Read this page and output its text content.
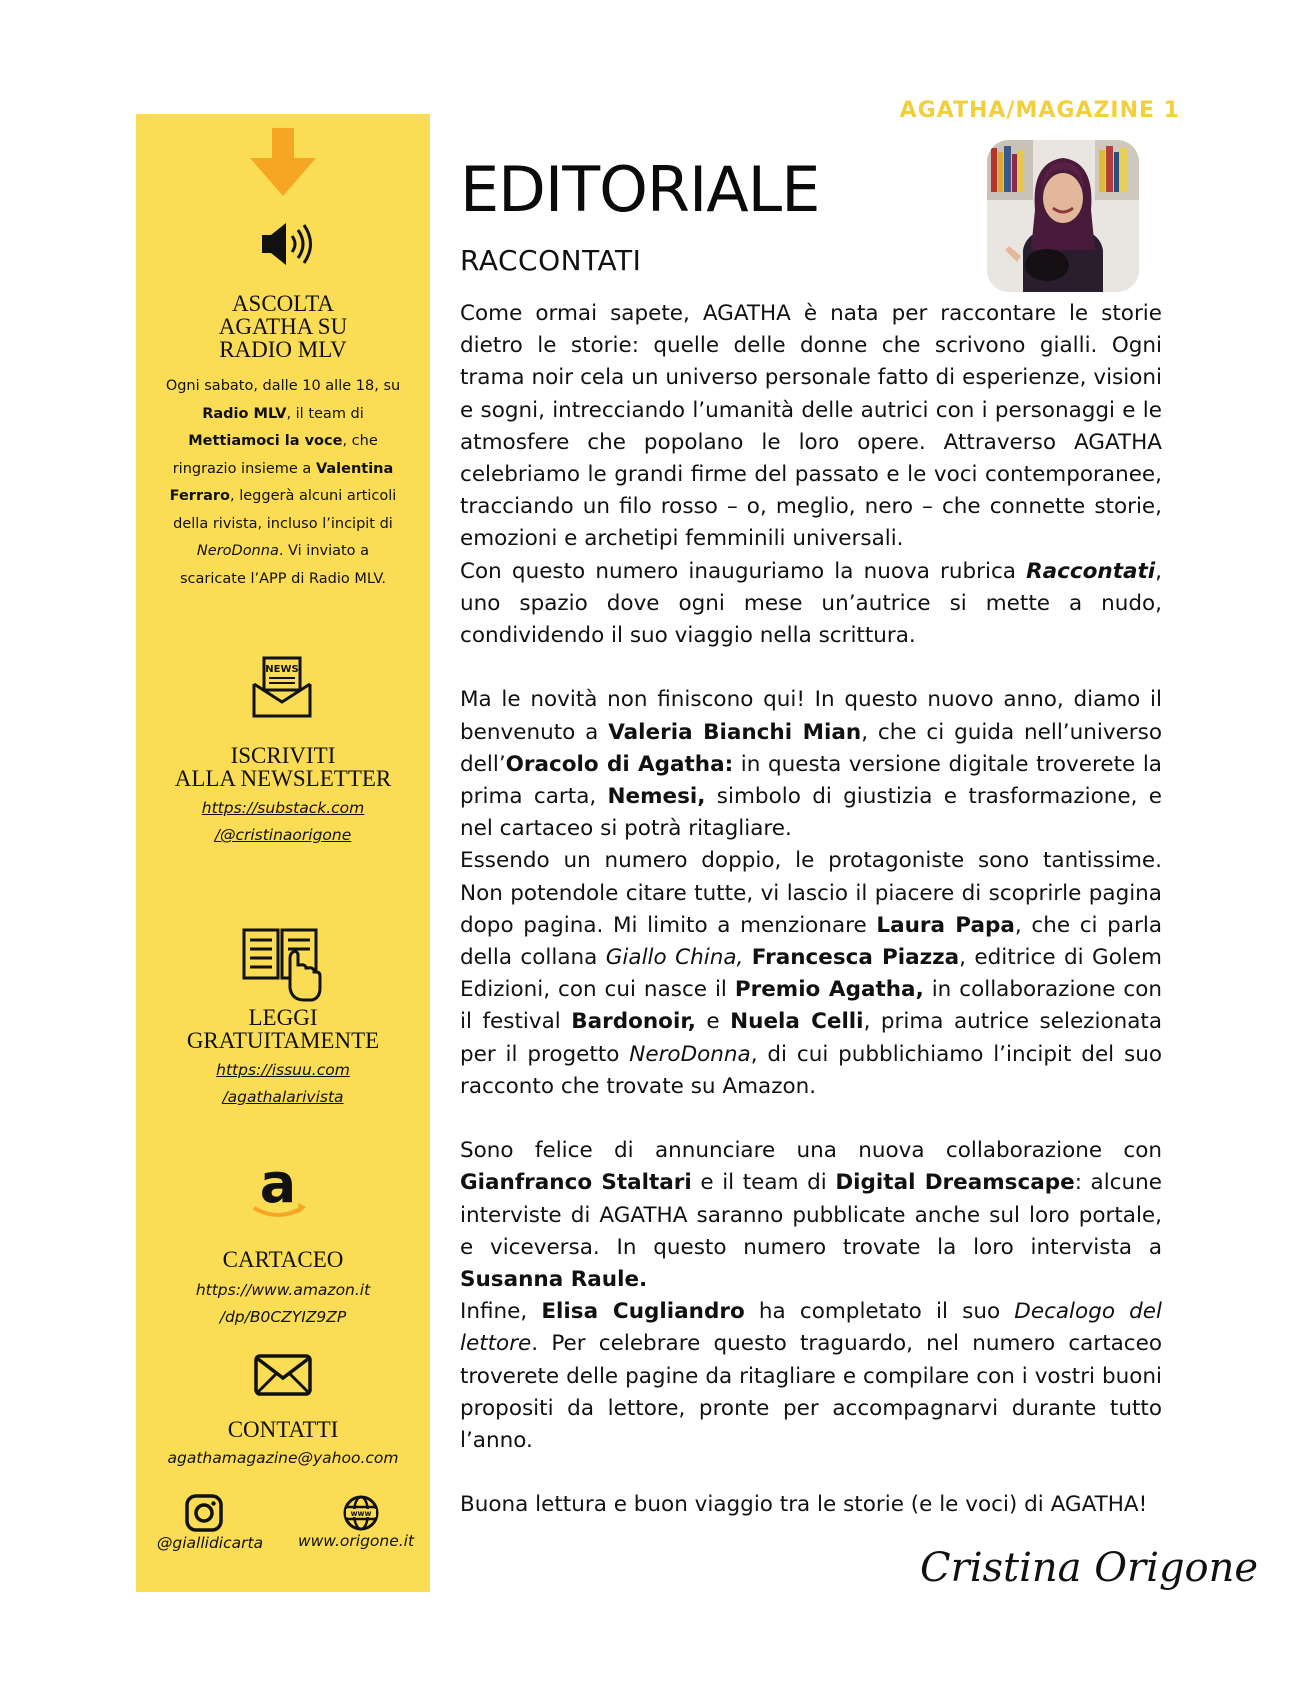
AGATHA/MAGAZINE 1
ASCOLTA
AGATHA SU
RADIO MLV
Ogni sabato, dalle 10 alle 18, su
Radio MLV, il team di
Mettiamoci la voce, che
ringrazio insieme a Valentina
Ferraro, leggerà alcuni articoli
della rivista, incluso l’incipit di
NeroDonna. Vi inviato a
scaricate l’APP di Radio MLV.
NEWS
ISCRIVITI
ALLA NEWSLETTER
https://substack.com
/@cristinaorigone
LEGGI
GRATUITAMENTE
https://issuu.com
/agathalarivista
a
CARTACEO
https://www.amazon.it
/dp/B0CZYIZ9ZP
CONTATTI
agathamagazine@yahoo.com
@giallidicarta
www
www.origone.it
EDITORIALE
RACCONTATI

Come ormai sapete, AGATHA è nata per raccontare le storie dietro le storie: quelle delle donne che scrivono gialli. Ogni trama noir cela un universo personale fatto di esperienze, visioni e sogni, intrecciando l’umanità delle autrici con i personaggi e le atmosfere che popolano le loro opere. Attraverso AGATHA celebriamo le grandi firme del passato e le voci contemporanee, tracciando un filo rosso – o, meglio, nero – che connette storie, emozioni e archetipi femminili universali.

Con questo numero inauguriamo la nuova rubrica Raccontati, uno spazio dove ogni mese un’autrice si mette a nudo, condividendo il suo viaggio nella scrittura.

Ma le novità non finiscono qui! In questo nuovo anno, diamo il benvenuto a Valeria Bianchi Mian, che ci guida nell’universo dell’Oracolo di Agatha: in questa versione digitale troverete la prima carta, Nemesi, simbolo di giustizia e trasformazione, e nel cartaceo si potrà ritagliare.

Essendo un numero doppio, le protagoniste sono tantissime. Non potendole citare tutte, vi lascio il piacere di scoprirle pagina dopo pagina. Mi limito a menzionare Laura Papa, che ci parla della collana Giallo China, Francesca Piazza, editrice di Golem Edizioni, con cui nasce il Premio Agatha, in collaborazione con il festival Bardonoir, e Nuela Celli, prima autrice selezionata per il progetto NeroDonna, di cui pubblichiamo l’incipit del suo racconto che trovate su Amazon.

Sono felice di annunciare una nuova collaborazione con Gianfranco Staltari e il team di Digital Dreamscape: alcune interviste di AGATHA saranno pubblicate anche sul loro portale, e viceversa. In questo numero trovate la loro intervista a Susanna Raule.

Infine, Elisa Cugliandro ha completato il suo Decalogo del lettore. Per celebrare questo traguardo, nel numero cartaceo troverete delle pagine da ritagliare e compilare con i vostri buoni propositi da lettore, pronte per accompagnarvi durante tutto l’anno.

Buona lettura e buon viaggio tra le storie (e le voci) di AGATHA!

Cristina Origone
